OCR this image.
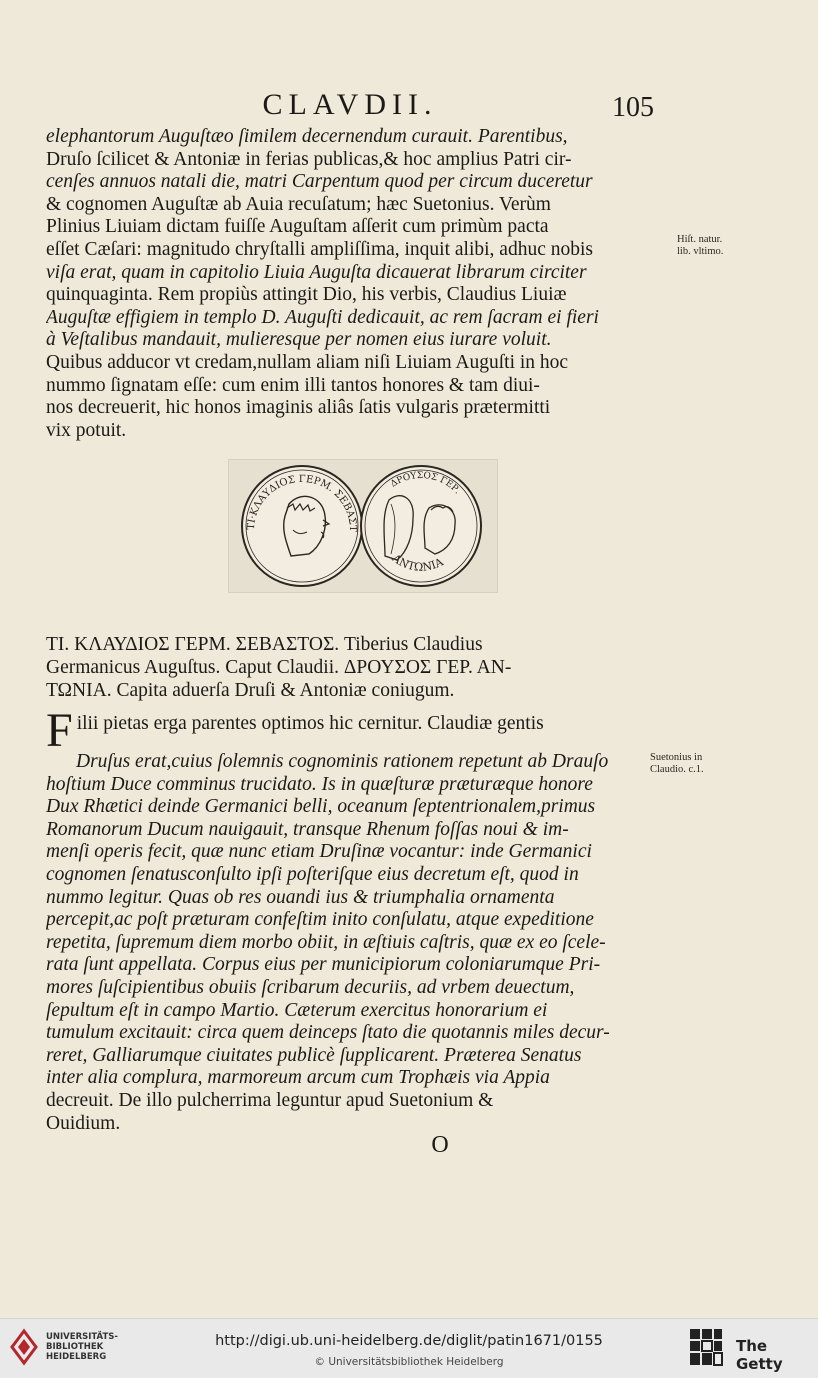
CLAVDII.	105
elephantorum Auguſtæo ſimilem decernendum curauit. Parentibus,
Druſo ſcilicet & Antoniæ in ferias publicas,& hoc amplius Patri cir-
cenſes annuos natali die, matri Carpentum quod per circum duceretur
& cognomen Auguſtæ ab Auia recuſatum; hæc Suetonius. Verùm
Plinius Liuiam dictam fuiſſe Auguſtam aſſerit cum primùm pacta
eſſet Cæſari: magnitudo chryſtalli ampliſſima, inquit alibi, adhuc nobis
viſa erat, quam in capitolio Liuia Auguſta dicauerat librarum circiter
quinquaginta. Rem propiùs attingit Dio, his verbis, Claudius Liuiæ
Auguſtæ effigiem in templo D. Auguſti dedicauit, ac rem ſacram ei fieri
à Veſtalibus mandauit, mulieresque per nomen eius iurare voluit.
Quibus adducor vt credam,nullam aliam niſi Liuiam Auguſti in hoc
nummo ſignatam eſſe: cum enim illi tantos honores & tam diui-
nos decreuerit, hic honos imaginis aliâs ſatis vulgaris prætermitti
vix potuit.
Hiſt. natur.
lib. vltimo.
ΤΙ·ΚΛΑΥΔΙΟΣ ΓΕΡΜ. ΣΕΒΑΣΤ
ΔΡΟΥΣΟΣ ΓΕΡ.
ANTΩNIA
ΤΙ. ΚΛΑΥΔΙΟΣ ΓΕΡΜ. ΣΕΒΑΣΤΟΣ. Tiberius Claudius
Germanicus Auguſtus. Caput Claudii. ΔΡΟΥΣΟΣ ΓΕΡ. ΑΝ-
ΤΩΝΙΑ. Capita aduerſa Druſi & Antoniæ coniugum.
Filii pietas erga parentes optimos hic cernitur. Claudiæ gentis
Druſus erat,cuius ſolemnis cognominis rationem repetunt ab Drauſo
hoſtium Duce comminus trucidato. Is in quæſturæ præturæque honore
Dux Rhætici deinde Germanici belli, oceanum ſeptentrionalem,primus
Romanorum Ducum nauigauit, transque Rhenum foſſas noui & im-
menſi operis fecit, quæ nunc etiam Druſinæ vocantur: inde Germanici
cognomen ſenatusconſulto ipſi poſteriſque eius decretum eſt, quod in
nummo legitur. Quas ob res ouandi ius & triumphalia ornamenta
percepit,ac poſt præturam confeſtim inito conſulatu, atque expeditione
repetita, ſupremum diem morbo obiit, in æſtiuis caſtris, quæ ex eo ſcele-
rata ſunt appellata. Corpus eius per municipiorum coloniarumque Pri-
mores ſuſcipientibus obuiis ſcribarum decuriis, ad vrbem deuectum,
ſepultum eſt in campo Martio. Cæterum exercitus honorarium ei
tumulum excitauit: circa quem deinceps ſtato die quotannis miles decur-
reret, Galliarumque ciuitates publicè ſupplicarent. Præterea Senatus
inter alia complura, marmoreum arcum cum Trophæis via Appia
decreuit. De illo pulcherrima leguntur apud Suetonium &
Ouidium.
Suetonius in
Claudio. c.1.
O
UNIVERSITÄTS-
BIBLIOTHEK
HEIDELBERG
http://digi.ub.uni-heidelberg.de/diglit/patin1671/0155
© Universitätsbibliothek Heidelberg
The Getty
